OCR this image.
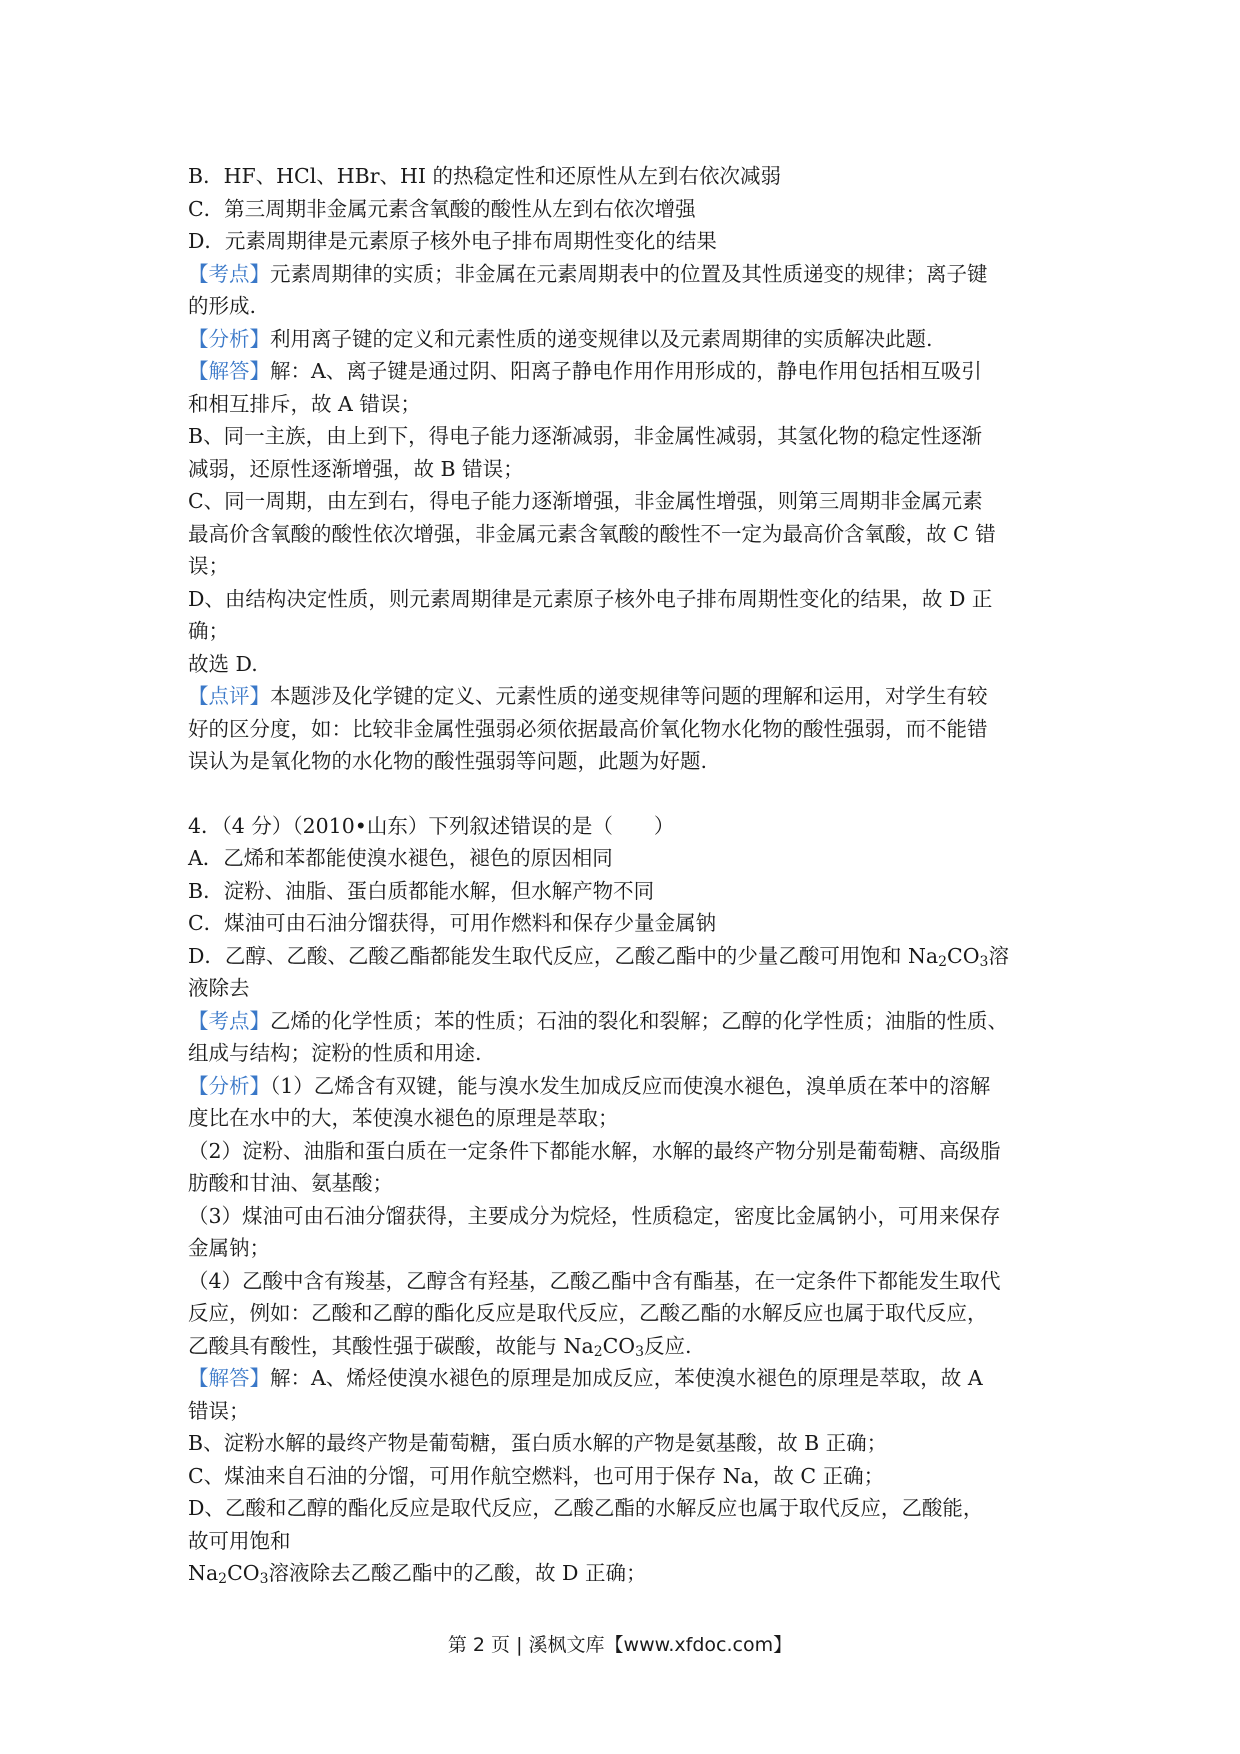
B．HF、HCl、HBr、HI 的热稳定性和还原性从左到右依次减弱
C．第三周期非金属元素含氧酸的酸性从左到右依次增强
D．元素周期律是元素原子核外电子排布周期性变化的结果
【考点】元素周期律的实质；非金属在元素周期表中的位置及其性质递变的规律；离子键
的形成.
【分析】利用离子键的定义和元素性质的递变规律以及元素周期律的实质解决此题.
【解答】解：A、离子键是通过阴、阳离子静电作用作用形成的，静电作用包括相互吸引
和相互排斥，故 A 错误；
B、同一主族，由上到下，得电子能力逐渐减弱，非金属性减弱，其氢化物的稳定性逐渐
减弱，还原性逐渐增强，故 B 错误；
C、同一周期，由左到右，得电子能力逐渐增强，非金属性增强，则第三周期非金属元素
最高价含氧酸的酸性依次增强，非金属元素含氧酸的酸性不一定为最高价含氧酸，故 C 错
误；
D、由结构决定性质，则元素周期律是元素原子核外电子排布周期性变化的结果，故 D 正
确；
故选 D.
【点评】本题涉及化学键的定义、元素性质的递变规律等问题的理解和运用，对学生有较
好的区分度，如：比较非金属性强弱必须依据最高价氧化物水化物的酸性强弱，而不能错
误认为是氧化物的水化物的酸性强弱等问题，此题为好题.
4．（4 分）（2010•山东）下列叙述错误的是（　　）
A．乙烯和苯都能使溴水褪色，褪色的原因相同
B．淀粉、油脂、蛋白质都能水解，但水解产物不同
C．煤油可由石油分馏获得，可用作燃料和保存少量金属钠
D．乙醇、乙酸、乙酸乙酯都能发生取代反应，乙酸乙酯中的少量乙酸可用饱和 $Na_2CO_3$溶
液除去
【考点】乙烯的化学性质；苯的性质；石油的裂化和裂解；乙醇的化学性质；油脂的性质、
组成与结构；淀粉的性质和用途.
【分析】（1）乙烯含有双键，能与溴水发生加成反应而使溴水褪色，溴单质在苯中的溶解
度比在水中的大，苯使溴水褪色的原理是萃取；
（2）淀粉、油脂和蛋白质在一定条件下都能水解，水解的最终产物分别是葡萄糖、高级脂
肪酸和甘油、氨基酸；
（3）煤油可由石油分馏获得，主要成分为烷烃，性质稳定，密度比金属钠小，可用来保存
金属钠；
（4）乙酸中含有羧基，乙醇含有羟基，乙酸乙酯中含有酯基，在一定条件下都能发生取代
反应，例如：乙酸和乙醇的酯化反应是取代反应，乙酸乙酯的水解反应也属于取代反应，
乙酸具有酸性，其酸性强于碳酸，故能与 $Na_2CO_3$反应.
【解答】解：A、烯烃使溴水褪色的原理是加成反应，苯使溴水褪色的原理是萃取，故 A
错误；
B、淀粉水解的最终产物是葡萄糖，蛋白质水解的产物是氨基酸，故 B 正确；
C、煤油来自石油的分馏，可用作航空燃料，也可用于保存 Na，故 C 正确；
D、乙酸和乙醇的酯化反应是取代反应，乙酸乙酯的水解反应也属于取代反应，乙酸能，
故可用饱和
$Na_2CO_3$溶液除去乙酸乙酯中的乙酸，故 D 正确；
第 2 页 | 溪枫文库【www.xfdoc.com】
